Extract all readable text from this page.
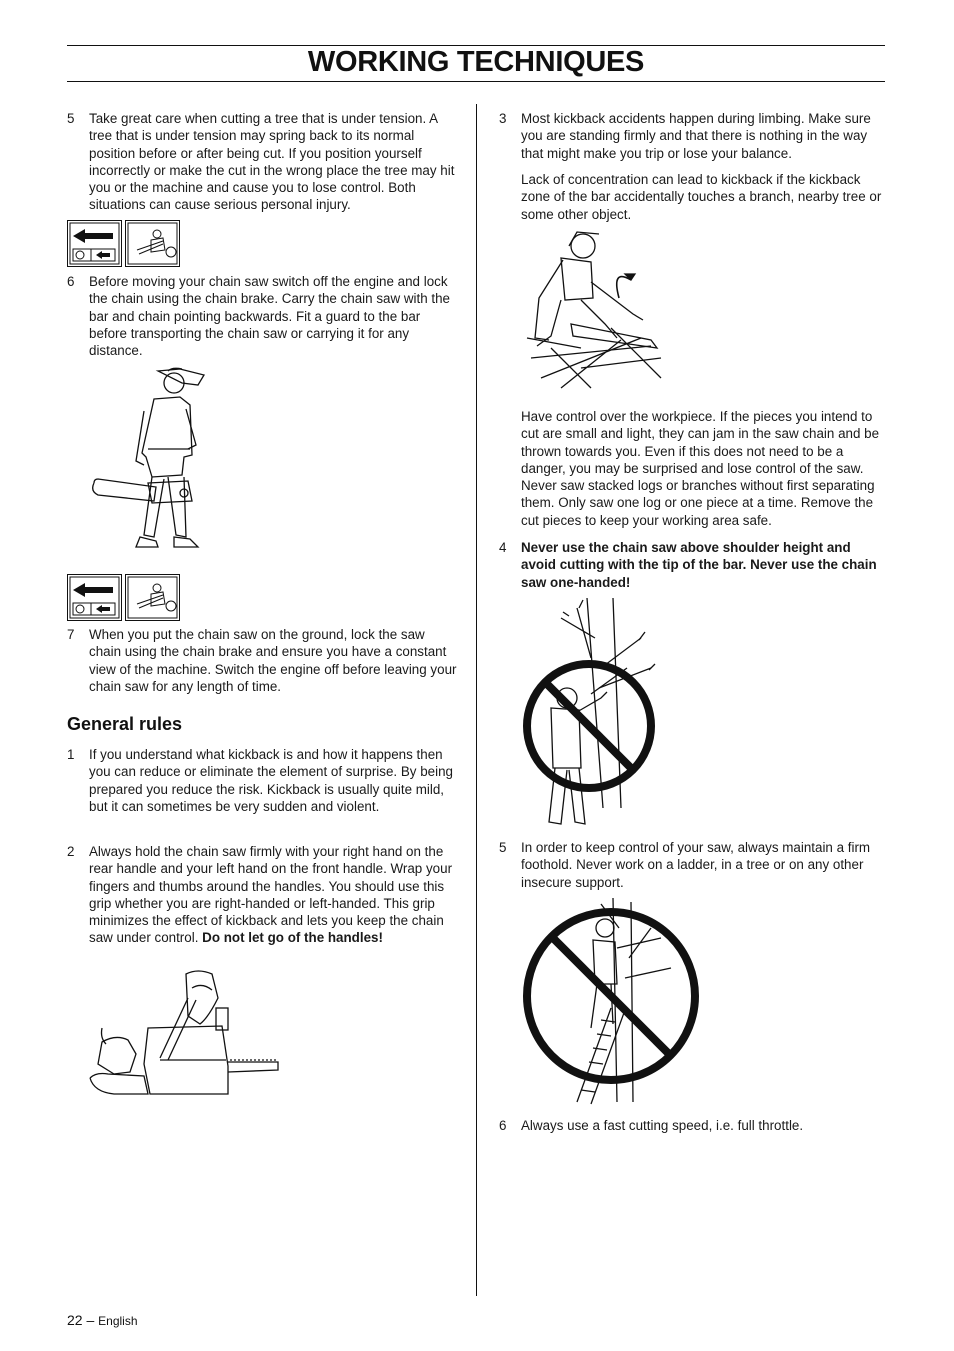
WORKING TECHNIQUES
5	Take great care when cutting a tree that is under tension. A tree that is under tension may spring back to its normal position before or after being cut. If you position yourself incorrectly or make the cut in the wrong place the tree may hit you or the machine and cause you to lose control. Both situations can cause serious personal injury.
6	Before moving your chain saw switch off the engine and lock the chain using the chain brake. Carry the chain saw with the bar and chain pointing backwards. Fit a guard to the bar before transporting the chain saw or carrying it for any distance.
7	When you put the chain saw on the ground, lock the saw chain using the chain brake and ensure you have a constant view of the machine. Switch the engine off before leaving your chain saw for any length of time.
General rules
1	If you understand what kickback is and how it happens then you can reduce or eliminate the element of surprise. By being prepared you reduce the risk. Kickback is usually quite mild, but it can sometimes be very sudden and violent.
2	Always hold the chain saw firmly with your right hand on the rear handle and your left hand on the front handle. Wrap your fingers and thumbs around the handles. You should use this grip whether you are right-handed or left-handed. This grip minimizes the effect of kickback and lets you keep the chain saw under control. Do not let go of the handles!
3	Most kickback accidents happen during limbing. Make sure you are standing firmly and that there is nothing in the way that might make you trip or lose your balance.
Lack of concentration can lead to kickback if the kickback zone of the bar accidentally touches a branch, nearby tree or some other object.
Have control over the workpiece. If the pieces you intend to cut are small and light, they can jam in the saw chain and be thrown towards you. Even if this does not need to be a danger, you may be surprised and lose control of the saw. Never saw stacked logs or branches without first separating them. Only saw one log or one piece at a time. Remove the cut pieces to keep your working area safe.
4	Never use the chain saw above shoulder height and avoid cutting with the tip of the bar. Never use the chain saw one-handed!
5	In order to keep control of your saw, always maintain a firm foothold. Never work on a ladder, in a tree or on any other insecure support.
6	Always use a fast cutting speed, i.e. full throttle.
22 – English
